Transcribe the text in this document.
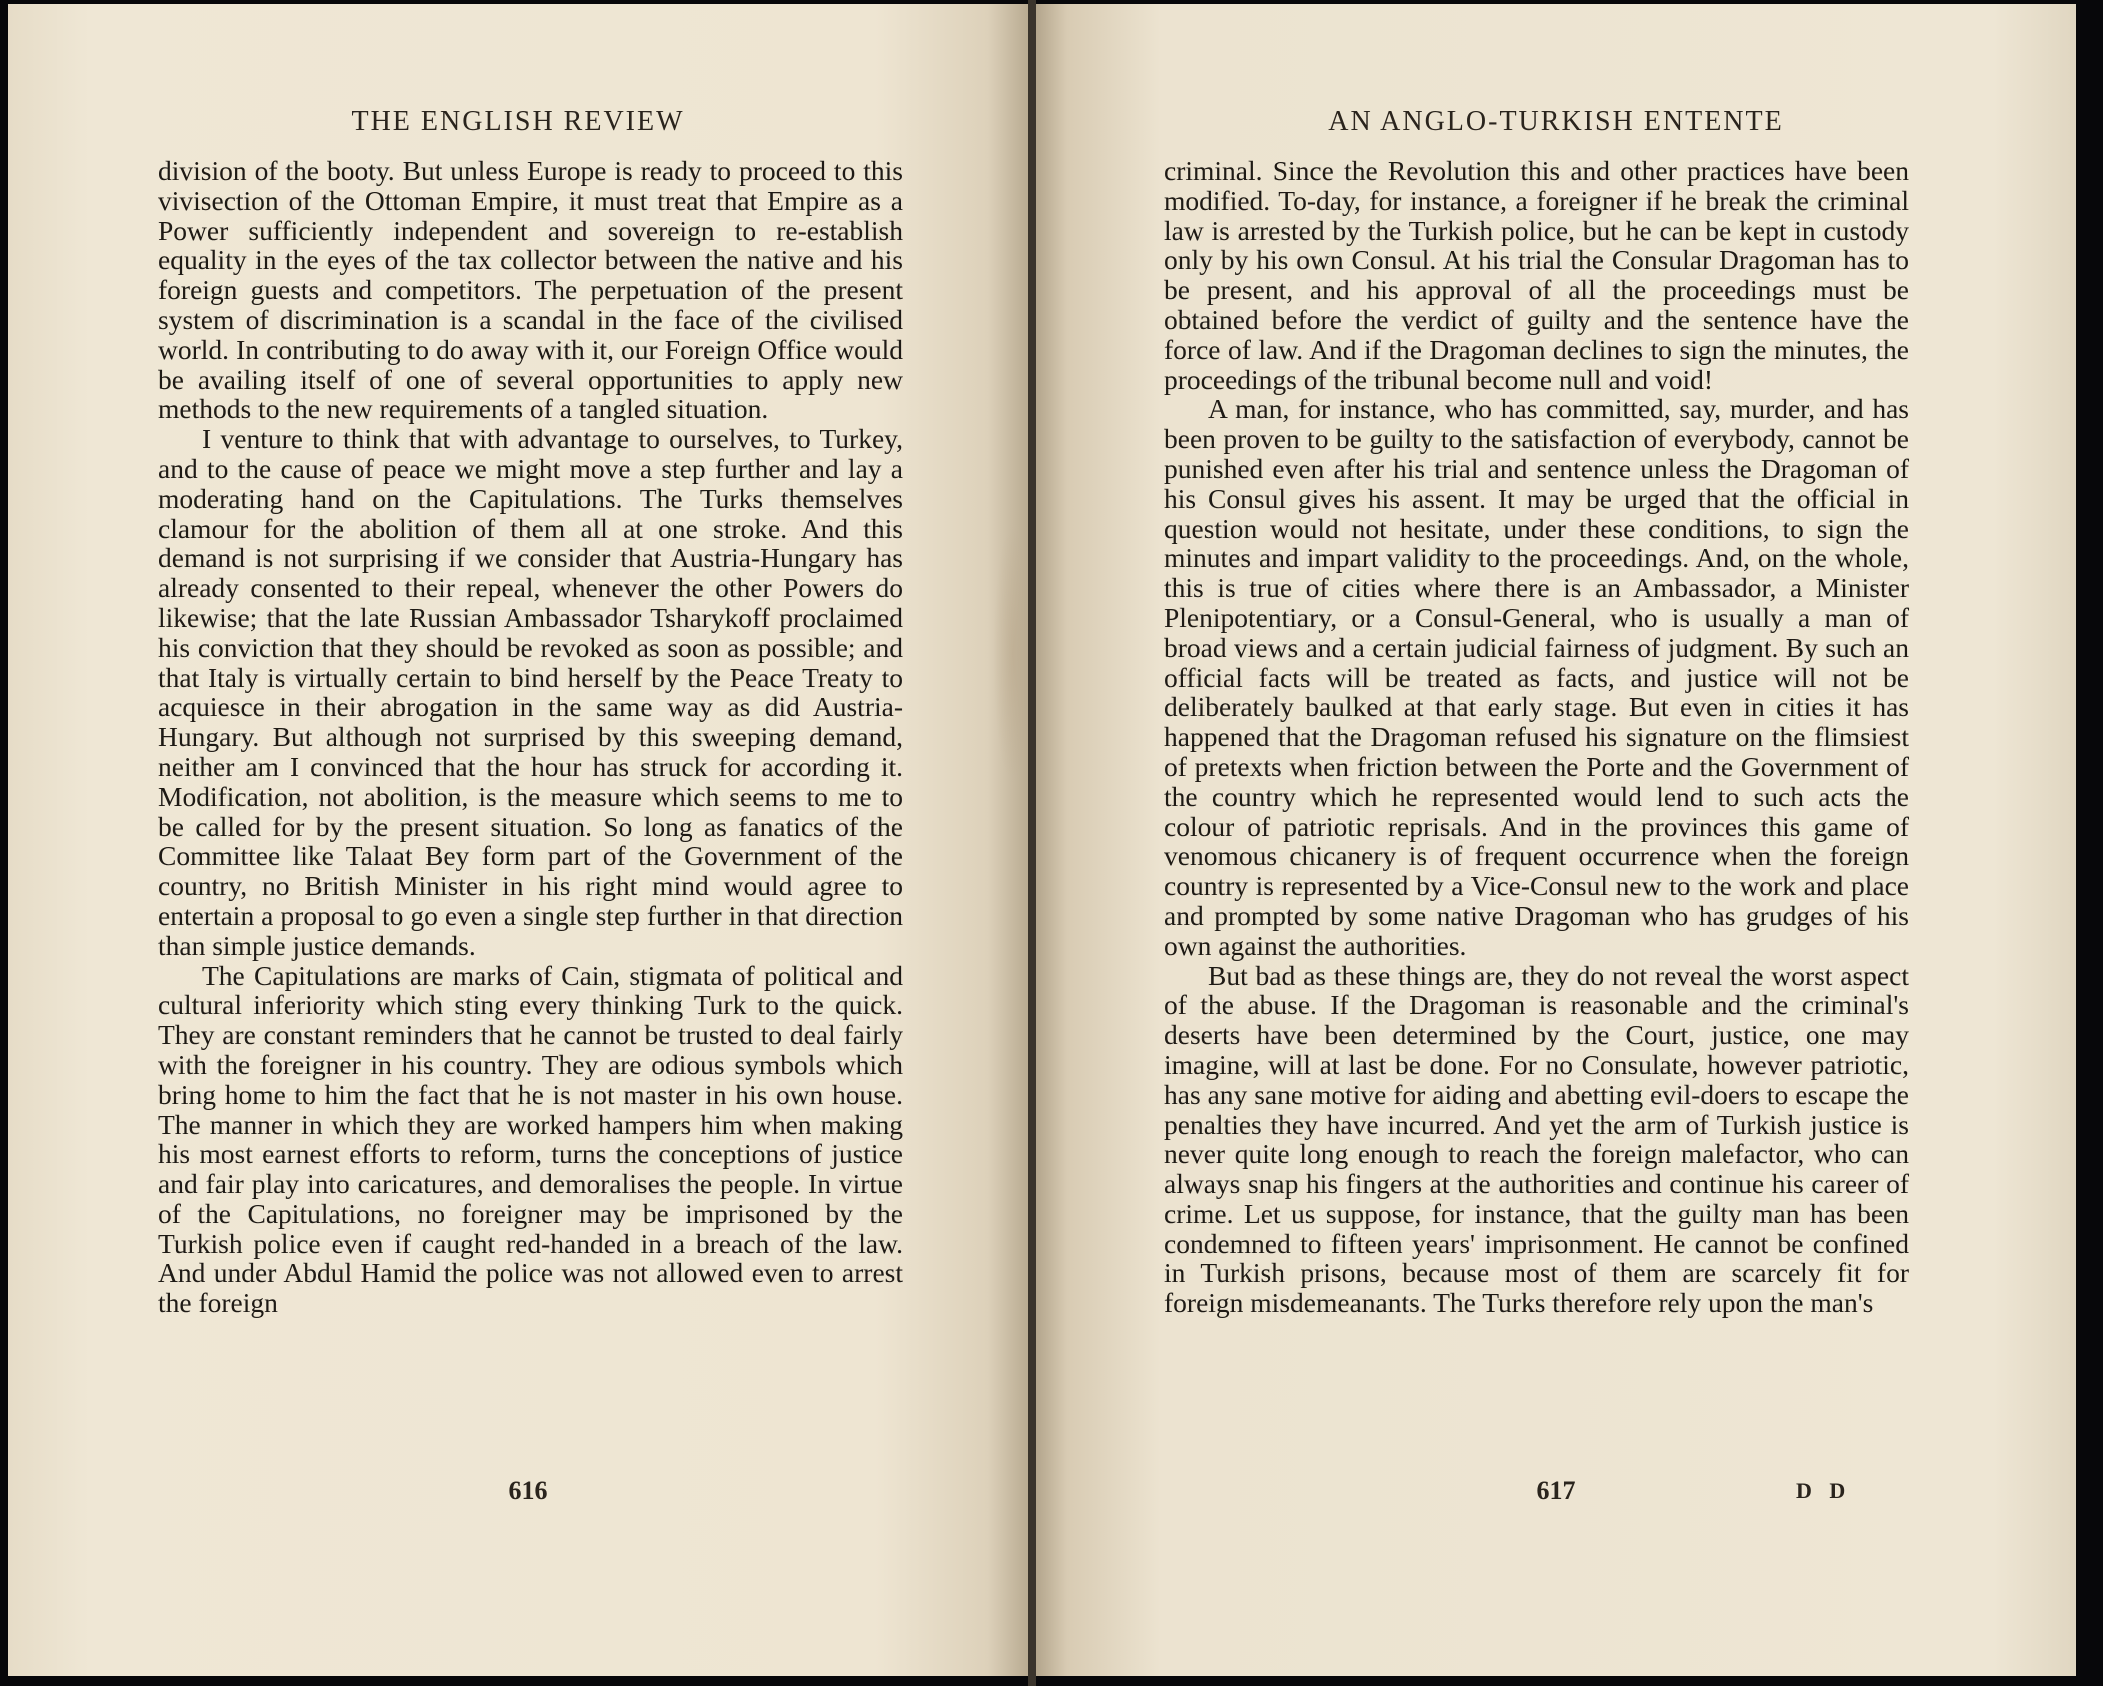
THE ENGLISH REVIEW

division of the booty. But unless Europe is ready to proceed to this vivisection of the Ottoman Empire, it must treat that Empire as a Power sufficiently independent and sovereign to re-establish equality in the eyes of the tax collector between the native and his foreign guests and competitors. The perpetuation of the present system of discrimination is a scandal in the face of the civilised world. In contributing to do away with it, our Foreign Office would be availing itself of one of several opportunities to apply new methods to the new requirements of a tangled situation.

I venture to think that with advantage to ourselves, to Turkey, and to the cause of peace we might move a step further and lay a moderating hand on the Capitulations. The Turks themselves clamour for the abolition of them all at one stroke. And this demand is not surprising if we consider that Austria-Hungary has already consented to their repeal, whenever the other Powers do likewise; that the late Russian Ambassador Tsharykoff proclaimed his conviction that they should be revoked as soon as possible; and that Italy is virtually certain to bind herself by the Peace Treaty to acquiesce in their abrogation in the same way as did Austria-Hungary. But although not surprised by this sweeping demand, neither am I convinced that the hour has struck for according it. Modification, not abolition, is the measure which seems to me to be called for by the present situation. So long as fanatics of the Committee like Talaat Bey form part of the Government of the country, no British Minister in his right mind would agree to entertain a proposal to go even a single step further in that direction than simple justice demands.

The Capitulations are marks of Cain, stigmata of political and cultural inferiority which sting every thinking Turk to the quick. They are constant reminders that he cannot be trusted to deal fairly with the foreigner in his country. They are odious symbols which bring home to him the fact that he is not master in his own house. The manner in which they are worked hampers him when making his most earnest efforts to reform, turns the conceptions of justice and fair play into caricatures, and demoralises the people. In virtue of the Capitulations, no foreigner may be imprisoned by the Turkish police even if caught red-handed in a breach of the law. And under Abdul Hamid the police was not allowed even to arrest the foreign

616
AN ANGLO-TURKISH ENTENTE

criminal. Since the Revolution this and other practices have been modified. To-day, for instance, a foreigner if he break the criminal law is arrested by the Turkish police, but he can be kept in custody only by his own Consul. At his trial the Consular Dragoman has to be present, and his approval of all the proceedings must be obtained before the verdict of guilty and the sentence have the force of law. And if the Dragoman declines to sign the minutes, the proceedings of the tribunal become null and void!

A man, for instance, who has committed, say, murder, and has been proven to be guilty to the satisfaction of everybody, cannot be punished even after his trial and sentence unless the Dragoman of his Consul gives his assent. It may be urged that the official in question would not hesitate, under these conditions, to sign the minutes and impart validity to the proceedings. And, on the whole, this is true of cities where there is an Ambassador, a Minister Plenipotentiary, or a Consul-General, who is usually a man of broad views and a certain judicial fairness of judgment. By such an official facts will be treated as facts, and justice will not be deliberately baulked at that early stage. But even in cities it has happened that the Dragoman refused his signature on the flimsiest of pretexts when friction between the Porte and the Government of the country which he represented would lend to such acts the colour of patriotic reprisals. And in the provinces this game of venomous chicanery is of frequent occurrence when the foreign country is represented by a Vice-Consul new to the work and place and prompted by some native Dragoman who has grudges of his own against the authorities.

But bad as these things are, they do not reveal the worst aspect of the abuse. If the Dragoman is reasonable and the criminal's deserts have been determined by the Court, justice, one may imagine, will at last be done. For no Consulate, however patriotic, has any sane motive for aiding and abetting evil-doers to escape the penalties they have incurred. And yet the arm of Turkish justice is never quite long enough to reach the foreign malefactor, who can always snap his fingers at the authorities and continue his career of crime. Let us suppose, for instance, that the guilty man has been condemned to fifteen years' imprisonment. He cannot be confined in Turkish prisons, because most of them are scarcely fit for foreign misdemeanants. The Turks therefore rely upon the man's

617	D D
